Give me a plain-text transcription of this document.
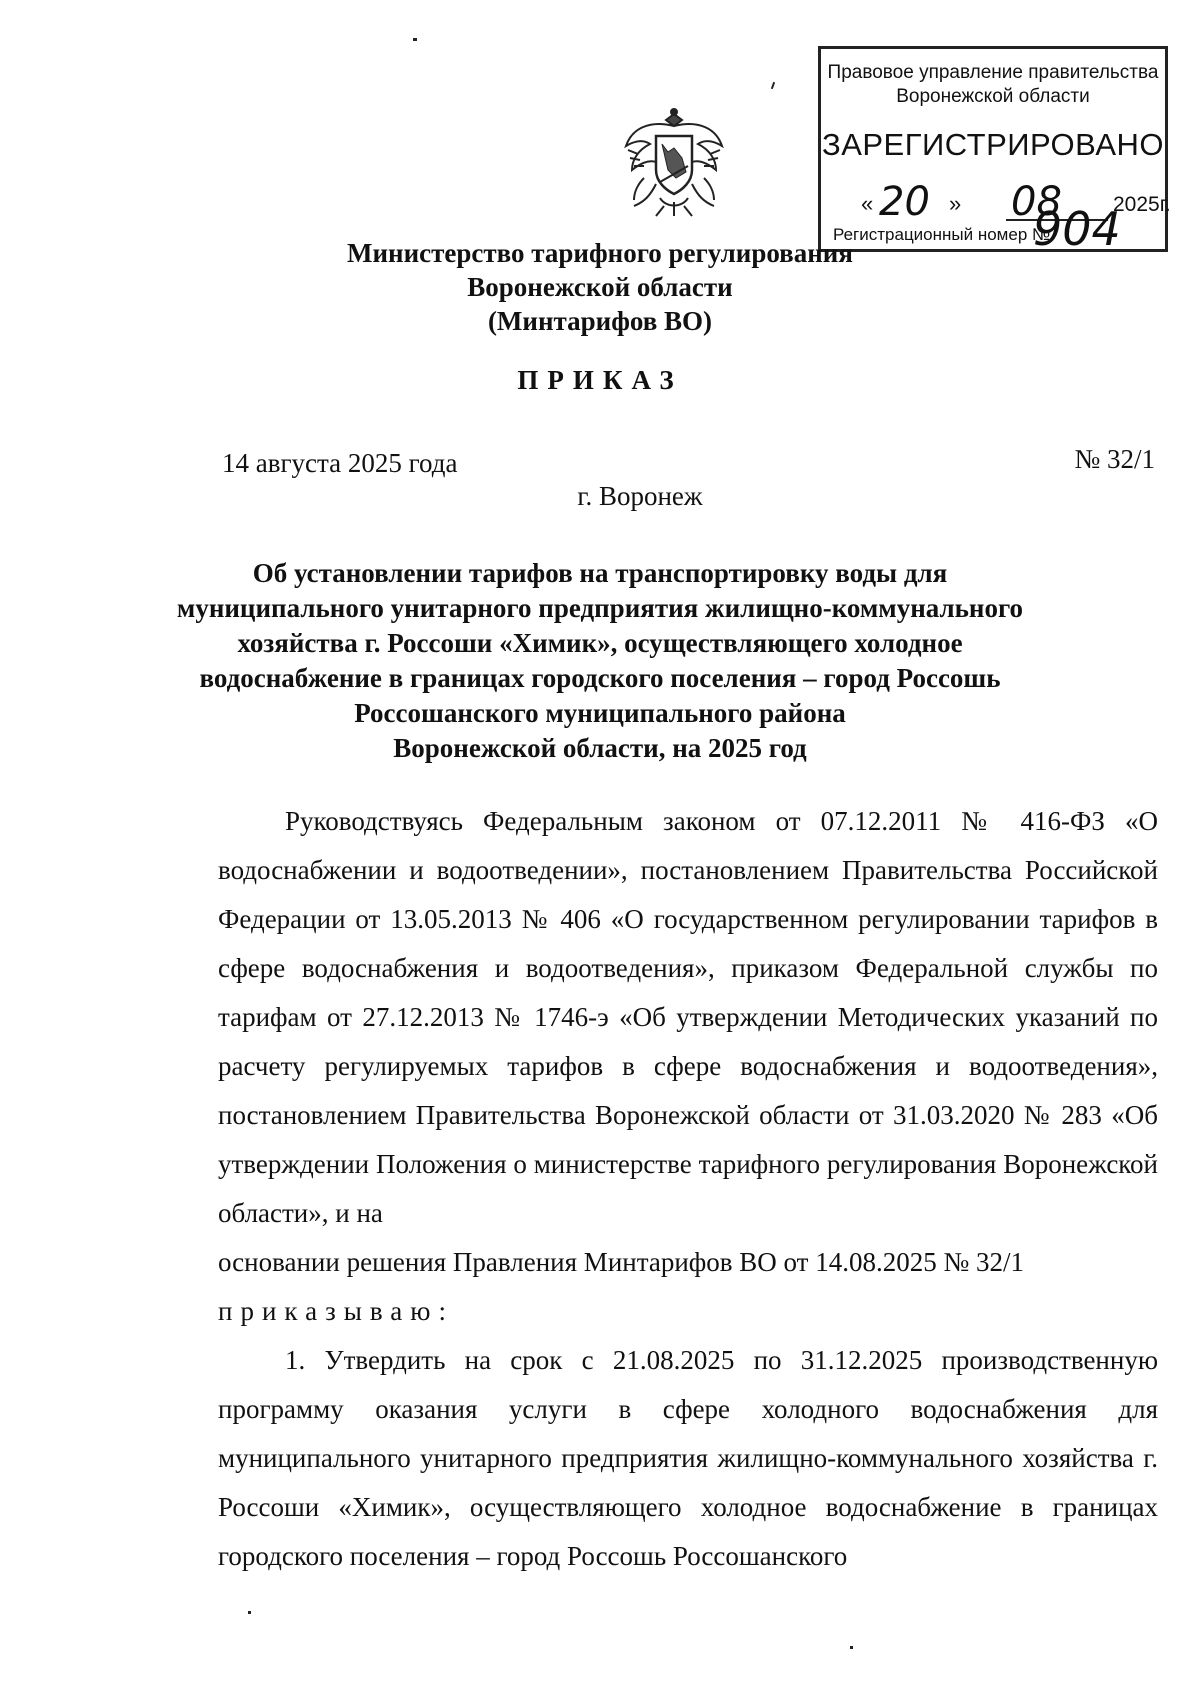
Правовое управление правительства
Воронежской области
ЗАРЕГИСТРИРОВАНО
« 20 » 08 2025г.
Регистрационный номер №
904
Министерство тарифного регулирования
Воронежской области
(Минтарифов ВО)
ПРИКАЗ
14 августа 2025 года	№ 32/1
г. Воронеж
Об установлении тарифов на транспортировку воды для
муниципального унитарного предприятия жилищно-коммунального
хозяйства г. Россоши «Химик», осуществляющего холодное
водоснабжение в границах городского поселения – город Россошь
Россошанского муниципального района
Воронежской области, на 2025 год

Руководствуясь Федеральным законом от 07.12.2011 № 416-ФЗ «О водоснабжении и водоотведении», постановлением Правительства Российской Федерации от 13.05.2013 № 406 «О государственном регулировании тарифов в сфере водоснабжения и водоотведения», приказом Федеральной службы по тарифам от 27.12.2013 № 1746-э «Об утверждении Методических указаний по расчету регулируемых тарифов в сфере водоснабжения и водоотведения», постановлением Правительства Воронежской области от 31.03.2020 № 283 «Об утверждении Положения о министерстве тарифного регулирования Воронежской области», и на

основании решения Правления Минтарифов ВО от 14.08.2025 № 32/1

приказываю:

1. Утвердить на срок с 21.08.2025 по 31.12.2025 производственную программу оказания услуги в сфере холодного водоснабжения для муниципального унитарного предприятия жилищно-коммунального хозяйства г. Россоши «Химик», осуществляющего холодное водоснабжение в границах городского поселения – город Россошь Россошанского
